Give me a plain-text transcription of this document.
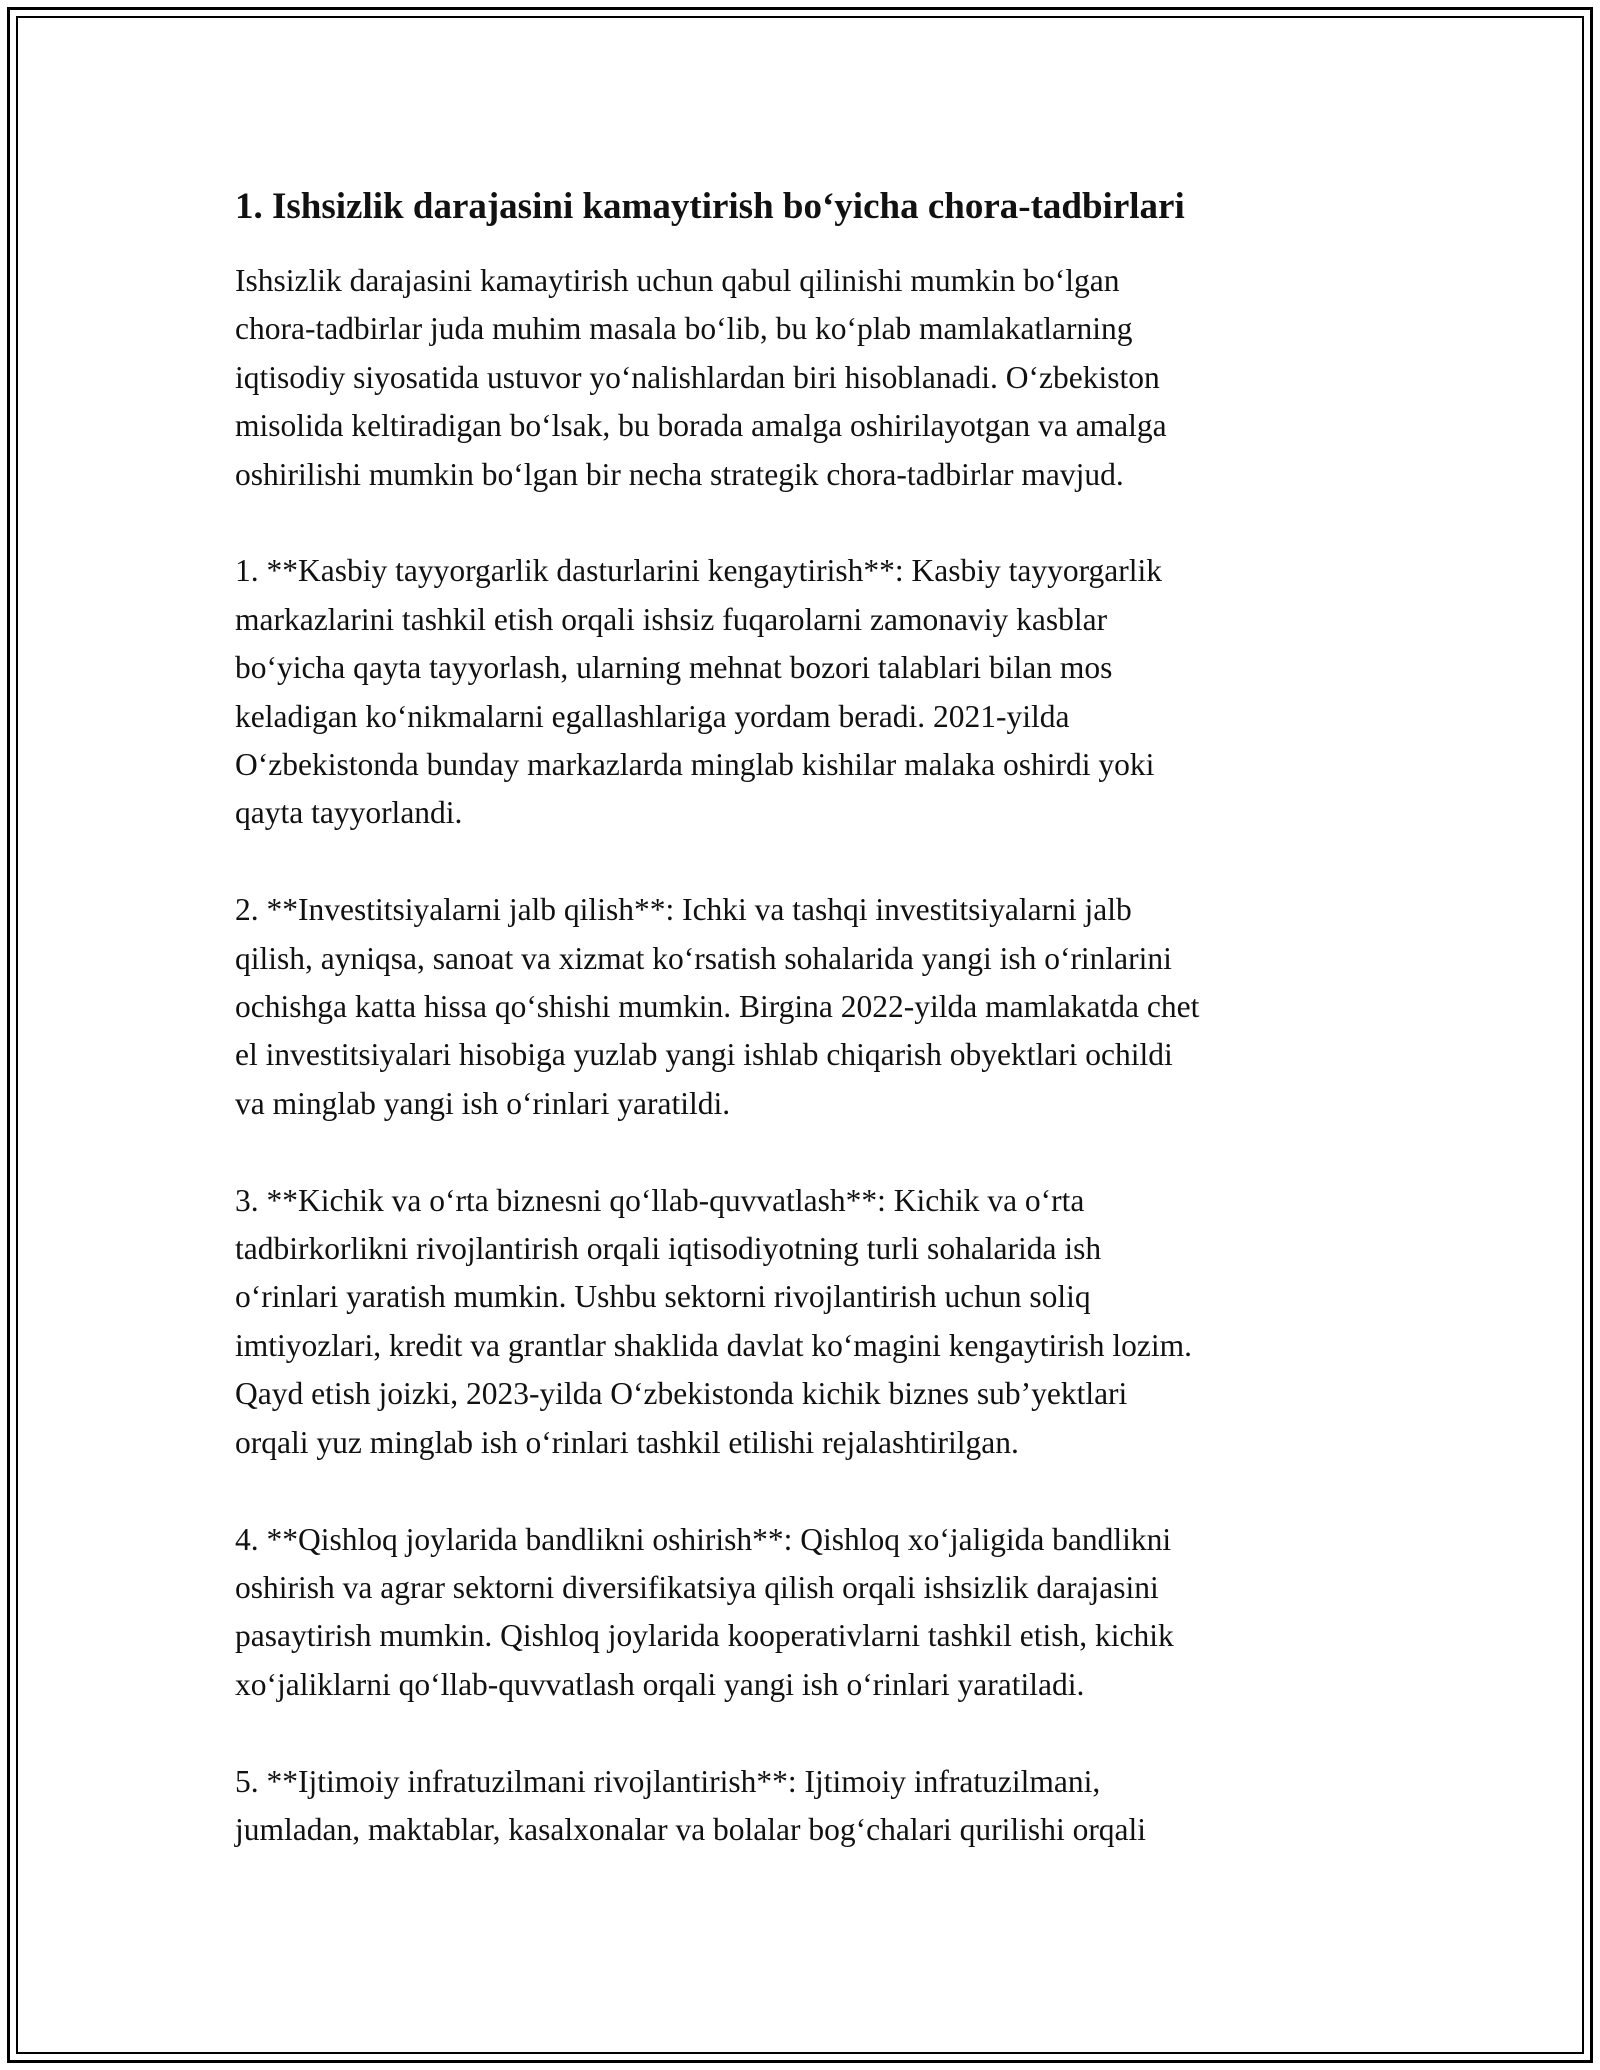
1. Ishsizlik darajasini kamaytirish bo‘yicha chora-tadbirlari
Ishsizlik darajasini kamaytirish uchun qabul qilinishi mumkin bo‘lgan
chora-tadbirlar juda muhim masala bo‘lib, bu ko‘plab mamlakatlarning
iqtisodiy siyosatida ustuvor yo‘nalishlardan biri hisoblanadi. O‘zbekiston
misolida keltiradigan bo‘lsak, bu borada amalga oshirilayotgan va amalga
oshirilishi mumkin bo‘lgan bir necha strategik chora-tadbirlar mavjud.
1. **Kasbiy tayyorgarlik dasturlarini kengaytirish**: Kasbiy tayyorgarlik
markazlarini tashkil etish orqali ishsiz fuqarolarni zamonaviy kasblar
bo‘yicha qayta tayyorlash, ularning mehnat bozori talablari bilan mos
keladigan ko‘nikmalarni egallashlariga yordam beradi. 2021-yilda
O‘zbekistonda bunday markazlarda minglab kishilar malaka oshirdi yoki
qayta tayyorlandi.
2. **Investitsiyalarni jalb qilish**: Ichki va tashqi investitsiyalarni jalb
qilish, ayniqsa, sanoat va xizmat ko‘rsatish sohalarida yangi ish o‘rinlarini
ochishga katta hissa qo‘shishi mumkin. Birgina 2022-yilda mamlakatda chet
el investitsiyalari hisobiga yuzlab yangi ishlab chiqarish obyektlari ochildi
va minglab yangi ish o‘rinlari yaratildi.
3. **Kichik va o‘rta biznesni qo‘llab-quvvatlash**: Kichik va o‘rta
tadbirkorlikni rivojlantirish orqali iqtisodiyotning turli sohalarida ish
o‘rinlari yaratish mumkin. Ushbu sektorni rivojlantirish uchun soliq
imtiyozlari, kredit va grantlar shaklida davlat ko‘magini kengaytirish lozim.
Qayd etish joizki, 2023-yilda O‘zbekistonda kichik biznes sub’yektlari
orqali yuz minglab ish o‘rinlari tashkil etilishi rejalashtirilgan.
4. **Qishloq joylarida bandlikni oshirish**: Qishloq xo‘jaligida bandlikni
oshirish va agrar sektorni diversifikatsiya qilish orqali ishsizlik darajasini
pasaytirish mumkin. Qishloq joylarida kooperativlarni tashkil etish, kichik
xo‘jaliklarni qo‘llab-quvvatlash orqali yangi ish o‘rinlari yaratiladi.
5. **Ijtimoiy infratuzilmani rivojlantirish**: Ijtimoiy infratuzilmani,
jumladan, maktablar, kasalxonalar va bolalar bog‘chalari qurilishi orqali
